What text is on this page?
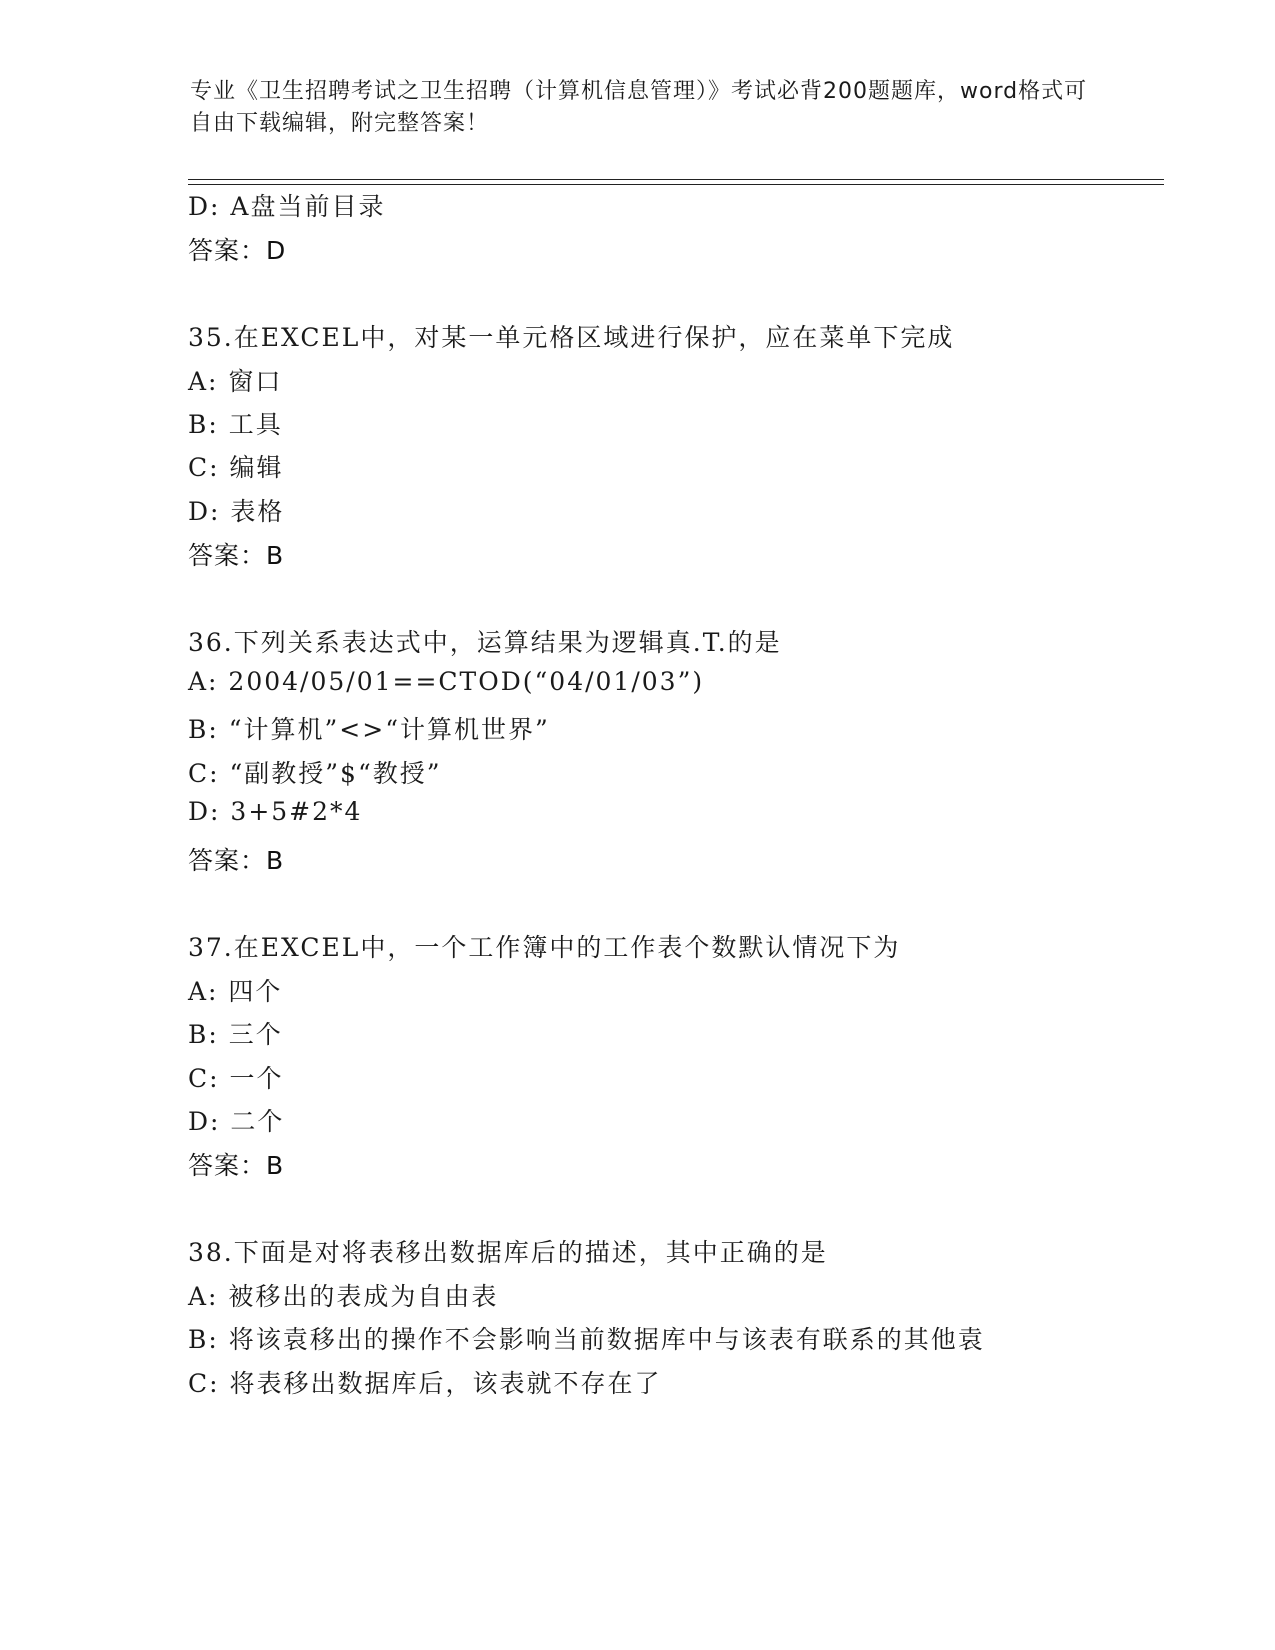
专业《卫生招聘考试之卫生招聘（计算机信息管理）》考试必背200题题库，word格式可自由下载编辑，附完整答案！
D: A盘当前目录
答案：D
35.在EXCEL中，对某一单元格区域进行保护，应在菜单下完成
A: 窗口
B: 工具
C: 编辑
D: 表格
答案：B
36.下列关系表达式中，运算结果为逻辑真.T.的是
A: 2004/05/01==CTOD(“04/01/03”)
B: “计算机”<>“计算机世界”
C: “副教授”$“教授”
D: 3+5#2*4
答案：B
37.在EXCEL中，一个工作簿中的工作表个数默认情况下为
A: 四个
B: 三个
C: 一个
D: 二个
答案：B
38.下面是对将表移出数据库后的描述，其中正确的是
A: 被移出的表成为自由表
B: 将该袁移出的操作不会影响当前数据库中与该表有联系的其他袁
C: 将表移出数据库后，该表就不存在了
